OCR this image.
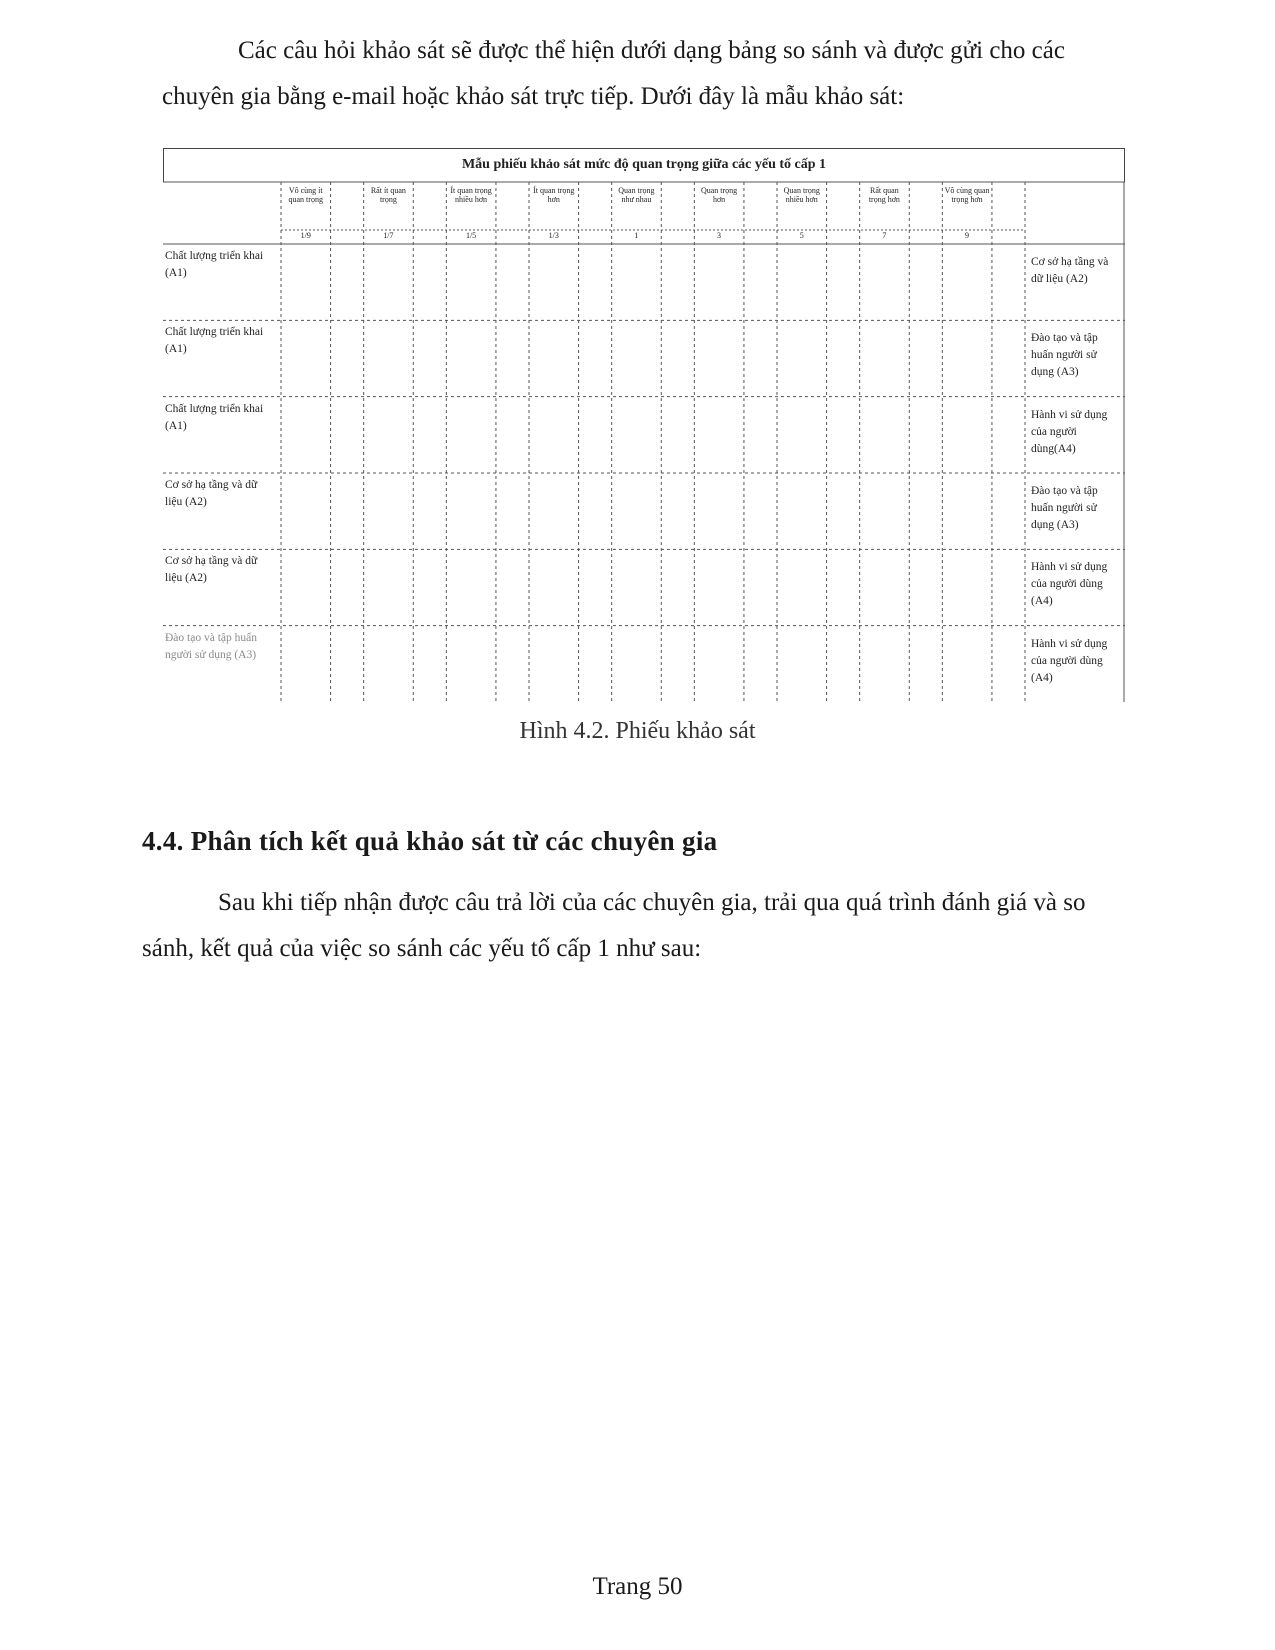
Các câu hỏi khảo sát sẽ được thể hiện dưới dạng bảng so sánh và được gửi cho các chuyên gia bằng e-mail hoặc khảo sát trực tiếp. Dưới đây là mẫu khảo sát:

Mẫu phiếu khảo sát mức độ quan trọng giữa các yếu tố cấp 1
Vô cùng ít quan trọng
1/9
Rất ít quan trọng
1/7
Ít quan trọng nhiều hơn
1/5
Ít quan trọng hơn
1/3
Quan trọng như nhau
1
Quan trọng hơn
3
Quan trọng nhiều hơn
5
Rất quan trọng hơn
7
Vô cùng quan trọng hơn
9
Chất lượng triển khai (A1)
Cơ sở hạ tầng và dữ liệu (A2)
Chất lượng triển khai (A1)
Đào tạo và tập huấn người sử dụng (A3)
Chất lượng triển khai (A1)
Hành vi sử dụng của người dùng(A4)
Cơ sở hạ tầng và dữ liệu (A2)
Đào tạo và tập huấn người sử dụng (A3)
Cơ sở hạ tầng và dữ liệu (A2)
Hành vi sử dụng của người dùng (A4)
Đào tạo và tập huấn người sử dụng (A3)
Hành vi sử dụng của người dùng (A4)
Hình 4.2. Phiếu khảo sát
4.4. Phân tích kết quả khảo sát từ các chuyên gia

Sau khi tiếp nhận được câu trả lời của các chuyên gia, trải qua quá trình đánh giá và so sánh, kết quả của việc so sánh các yếu tố cấp 1 như sau:

Trang 50
